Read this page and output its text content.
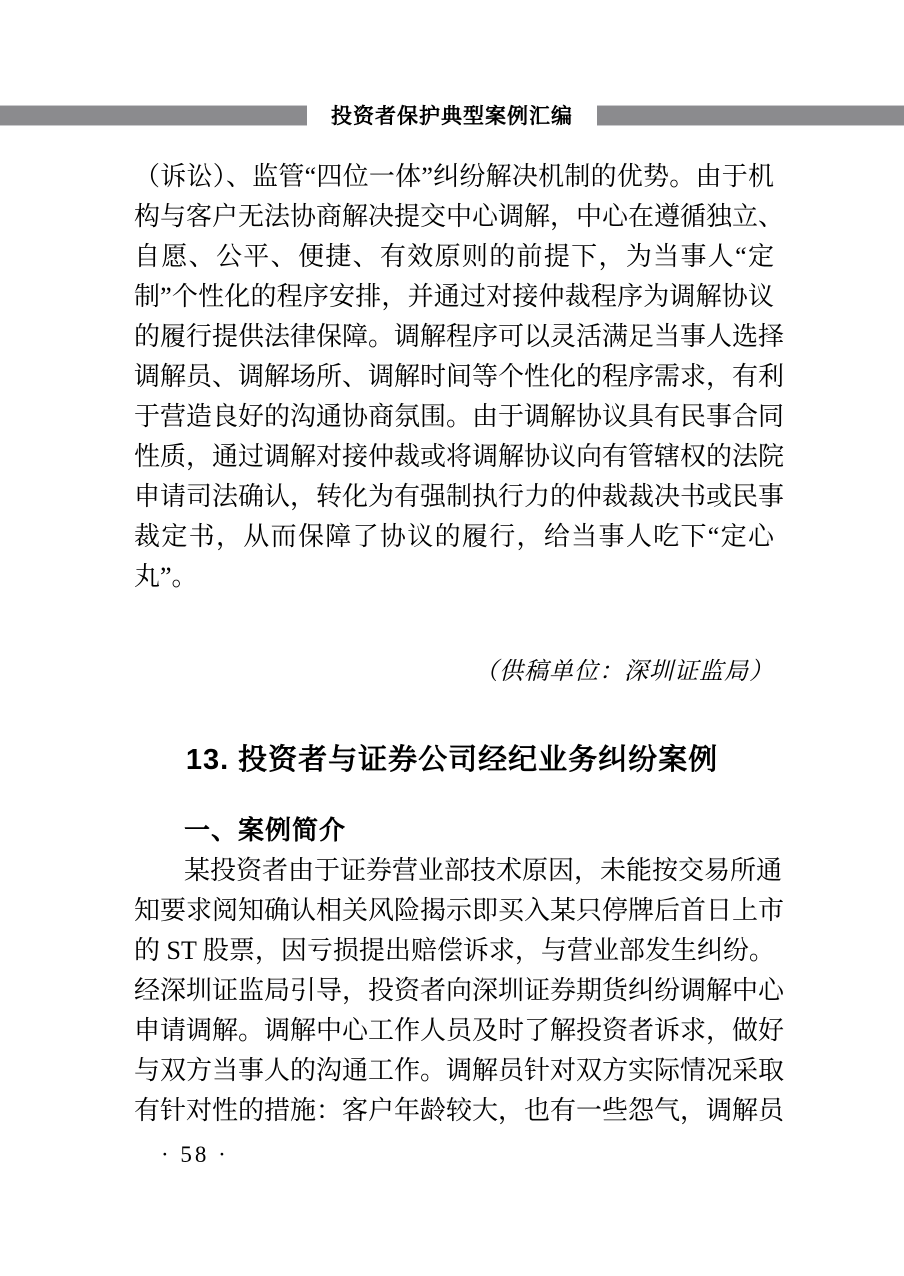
投资者保护典型案例汇编
（诉讼）、监管“四位一体”纠纷解决机制的优势。由于机
构与客户无法协商解决提交中心调解，中心在遵循独立、
自愿、公平、便捷、有效原则的前提下，为当事人“定
制”个性化的程序安排，并通过对接仲裁程序为调解协议
的履行提供法律保障。调解程序可以灵活满足当事人选择
调解员、调解场所、调解时间等个性化的程序需求，有利
于营造良好的沟通协商氛围。由于调解协议具有民事合同
性质，通过调解对接仲裁或将调解协议向有管辖权的法院
申请司法确认，转化为有强制执行力的仲裁裁决书或民事
裁定书，从而保障了协议的履行，给当事人吃下“定心
丸”。
（供稿单位：深圳证监局）
13. 投资者与证券公司经纪业务纠纷案例
一、案例简介
某投资者由于证券营业部技术原因，未能按交易所通
知要求阅知确认相关风险揭示即买入某只停牌后首日上市
的 ST 股票，因亏损提出赔偿诉求，与营业部发生纠纷。
经深圳证监局引导，投资者向深圳证券期货纠纷调解中心
申请调解。调解中心工作人员及时了解投资者诉求，做好
与双方当事人的沟通工作。调解员针对双方实际情况采取
有针对性的措施：客户年龄较大，也有一些怨气，调解员
· 58 ·
